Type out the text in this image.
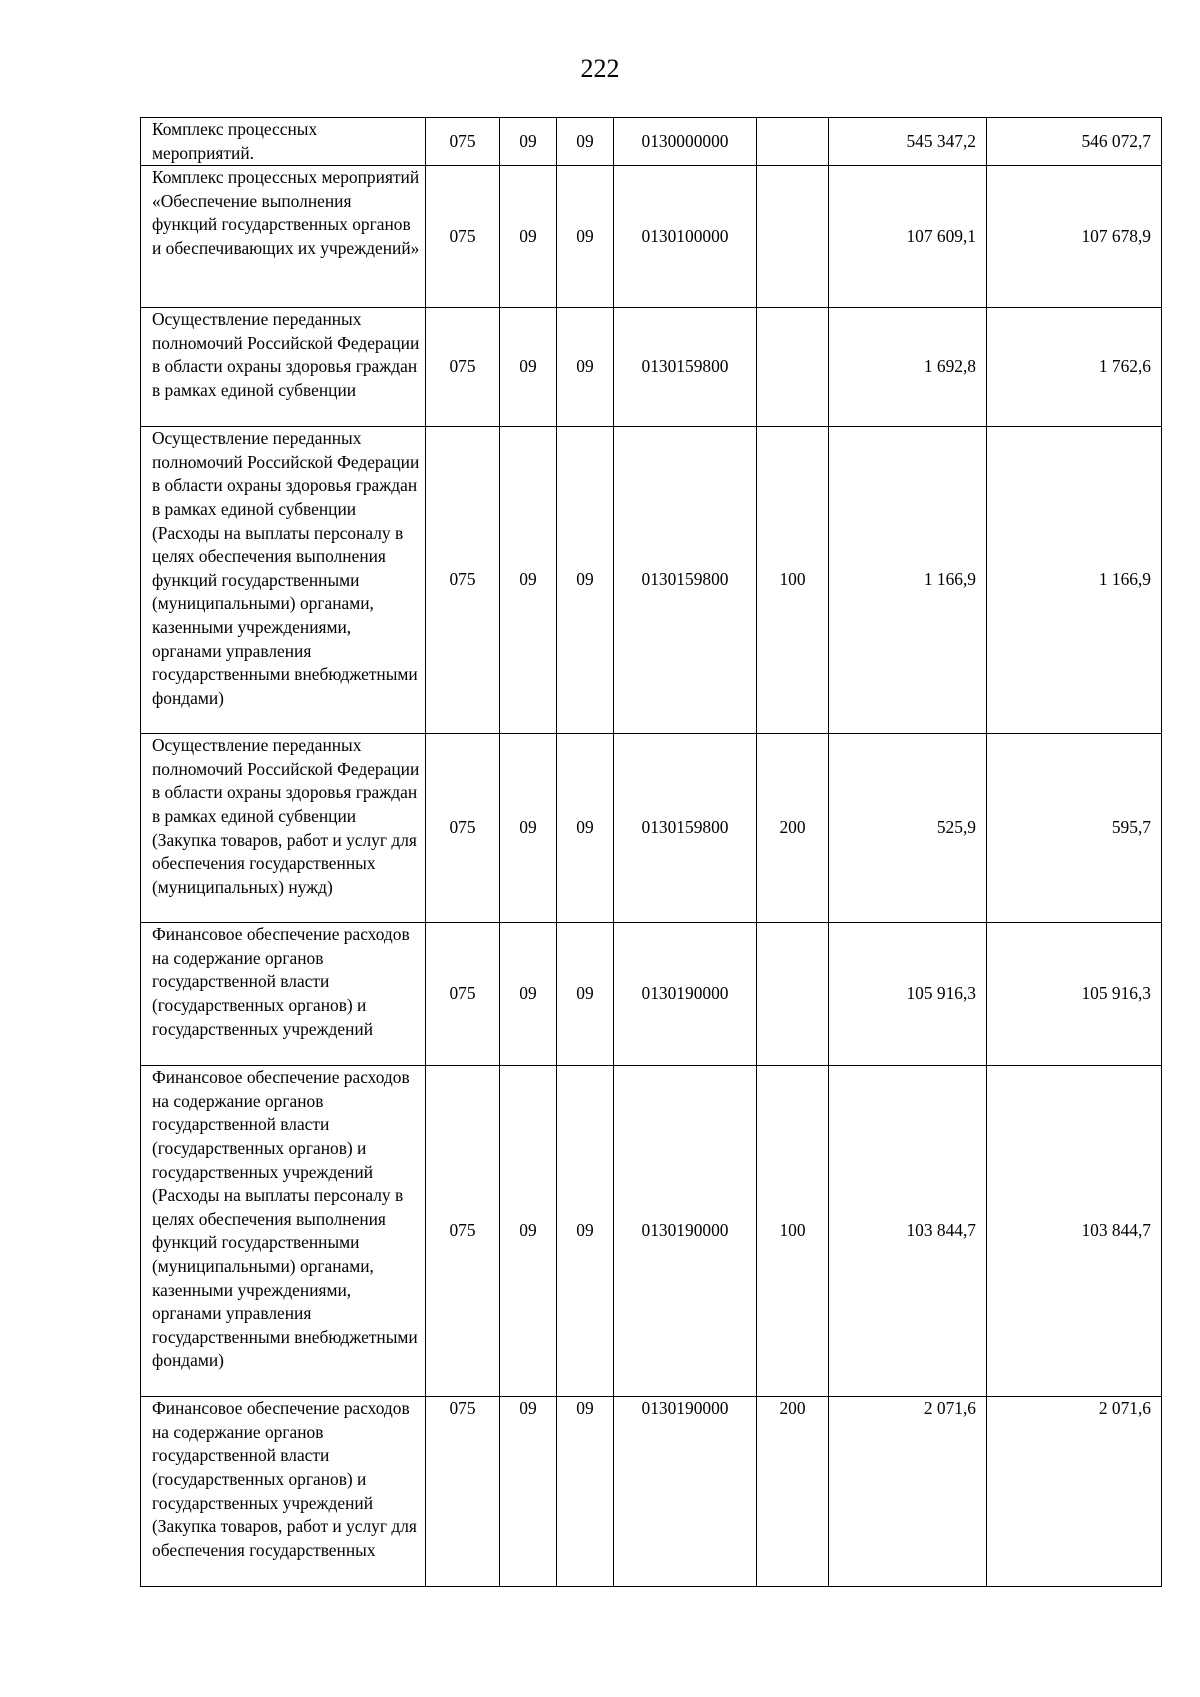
222
Комплекс процессных мероприятий.	075	09	09	0130000000		545 347,2	546 072,7
Комплекс процессных мероприятий «Обеспечение выполнения функций государственных органов и обеспечивающих их учреждений»	075	09	09	0130100000		107 609,1	107 678,9
Осуществление переданных полномочий Российской Федерации в области охраны здоровья граждан в рамках единой субвенции	075	09	09	0130159800		1 692,8	1 762,6
Осуществление переданных полномочий Российской Федерации в области охраны здоровья граждан в рамках единой субвенции (Расходы на выплаты персоналу в целях обеспечения выполнения функций государственными (муниципальными) органами, казенными учреждениями, органами управления государственными внебюджетными фондами)	075	09	09	0130159800	100	1 166,9	1 166,9
Осуществление переданных полномочий Российской Федерации в области охраны здоровья граждан в рамках единой субвенции (Закупка товаров, работ и услуг для обеспечения государственных (муниципальных) нужд)	075	09	09	0130159800	200	525,9	595,7
Финансовое обеспечение расходов на содержание органов государственной власти (государственных органов) и государственных учреждений	075	09	09	0130190000		105 916,3	105 916,3
Финансовое обеспечение расходов на содержание органов государственной власти (государственных органов) и государственных учреждений (Расходы на выплаты персоналу в целях обеспечения выполнения функций государственными (муниципальными) органами, казенными учреждениями, органами управления государственными внебюджетными фондами)	075	09	09	0130190000	100	103 844,7	103 844,7
Финансовое обеспечение расходов на содержание органов государственной власти (государственных органов) и государственных учреждений (Закупка товаров, работ и услуг для обеспечения государственных	075	09	09	0130190000	200	2 071,6	2 071,6
